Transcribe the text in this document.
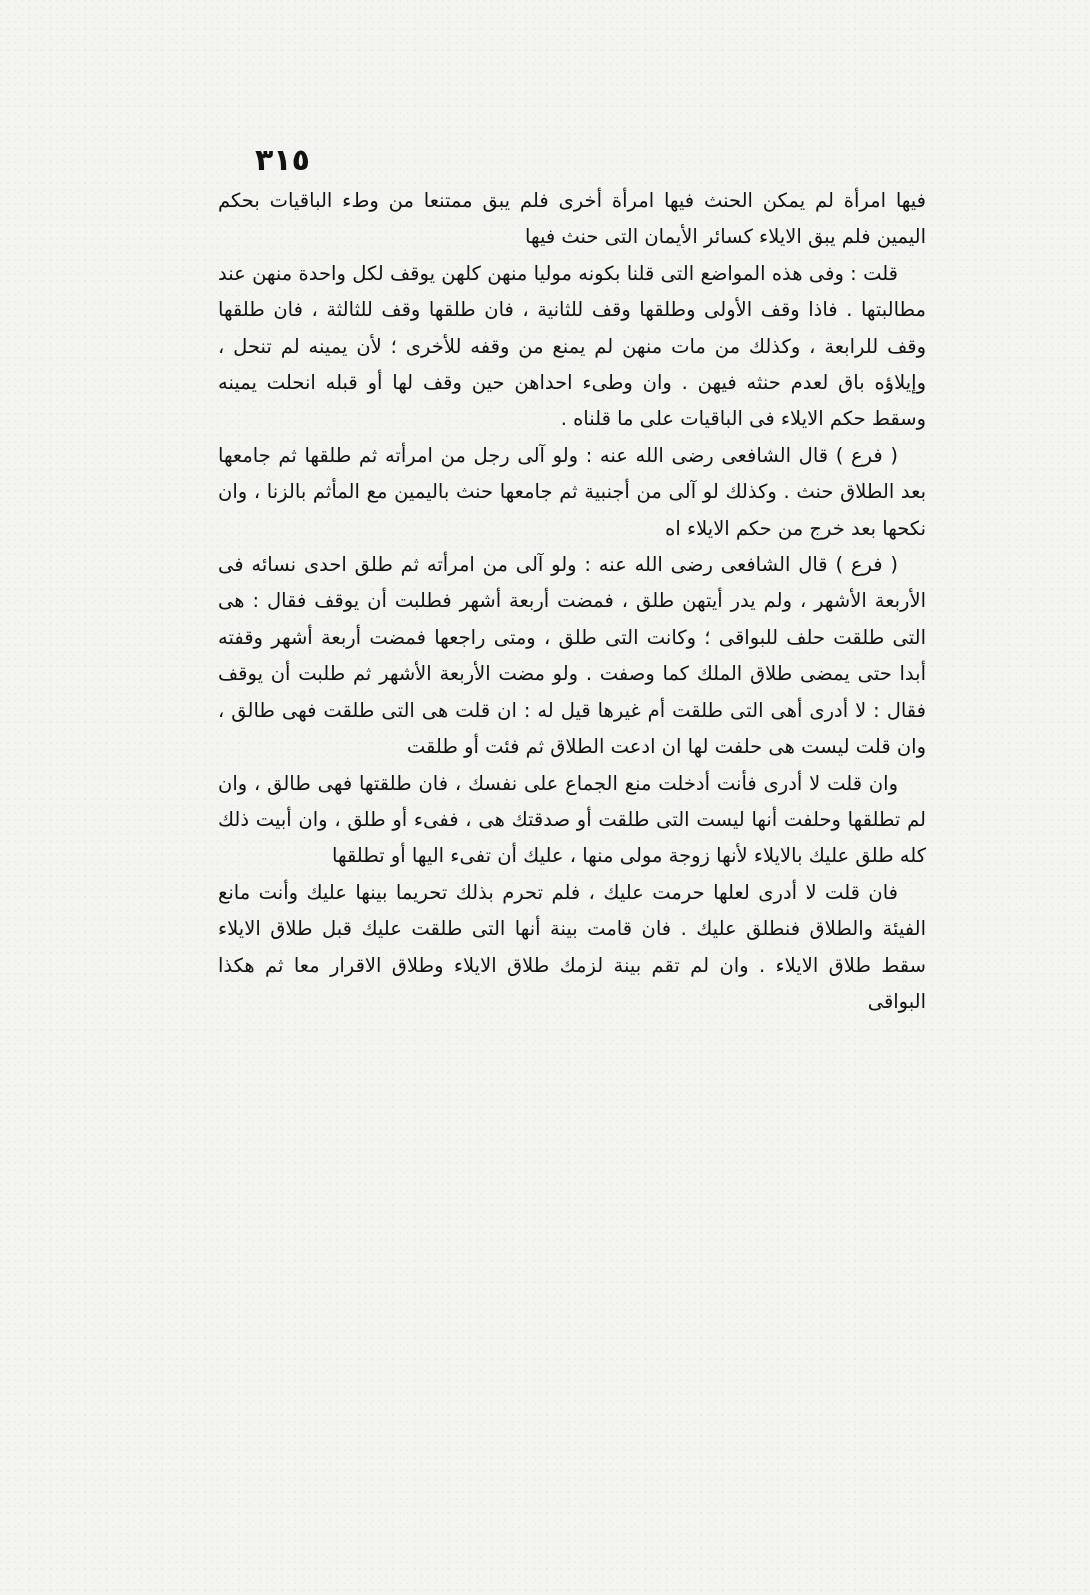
٣١٥

فيها امرأة لم يمكن الحنث فيها امرأة أخرى فلم يبق ممتنعا من وطء الباقيات بحكم اليمين فلم يبق الايلاء كسائر الأيمان التى حنث فيها

قلت : وفى هذه المواضع التى قلنا بكونه موليا منهن كلهن يوقف لكل واحدة منهن عند مطالبتها . فاذا وقف الأولى وطلقها وقف للثانية ، فان طلقها وقف للثالثة ، فان طلقها وقف للرابعة ، وكذلك من مات منهن لم يمنع من وقفه للأخرى ؛ لأن يمينه لم تنحل ، وإيلاؤه باق لعدم حنثه فيهن . وان وطىء احداهن حين وقف لها أو قبله انحلت يمينه وسقط حكم الايلاء فى الباقيات على ما قلناه .

( فرع ) قال الشافعى رضى الله عنه : ولو آلى رجل من امرأته ثم طلقها ثم جامعها بعد الطلاق حنث . وكذلك لو آلى من أجنبية ثم جامعها حنث باليمين مع المأثم بالزنا ، وان نكحها بعد خرج من حكم الايلاء اه

( فرع ) قال الشافعى رضى الله عنه : ولو آلى من امرأته ثم طلق احدى نسائه فى الأربعة الأشهر ، ولم يدر أيتهن طلق ، فمضت أربعة أشهر فطلبت أن يوقف فقال : هى التى طلقت حلف للبواقى ؛ وكانت التى طلق ، ومتى راجعها فمضت أربعة أشهر وقفته أبدا حتى يمضى طلاق الملك كما وصفت . ولو مضت الأربعة الأشهر ثم طلبت أن يوقف فقال : لا أدرى أهى التى طلقت أم غيرها قيل له : ان قلت هى التى طلقت فهى طالق ، وان قلت ليست هى حلفت لها ان ادعت الطلاق ثم فئت أو طلقت

وان قلت لا أدرى فأنت أدخلت منع الجماع على نفسك ، فان طلقتها فهى طالق ، وان لم تطلقها وحلفت أنها ليست التى طلقت أو صدقتك هى ، ففىء أو طلق ، وان أبيت ذلك كله طلق عليك بالايلاء لأنها زوجة مولى منها ، عليك أن تفىء اليها أو تطلقها

فان قلت لا أدرى لعلها حرمت عليك ، فلم تحرم بذلك تحريما بينها عليك وأنت مانع الفيئة والطلاق فنطلق عليك . فان قامت بينة أنها التى طلقت عليك قبل طلاق الايلاء سقط طلاق الايلاء . وان لم تقم بينة لزمك طلاق الايلاء وطلاق الاقرار معا ثم هكذا البواقى
